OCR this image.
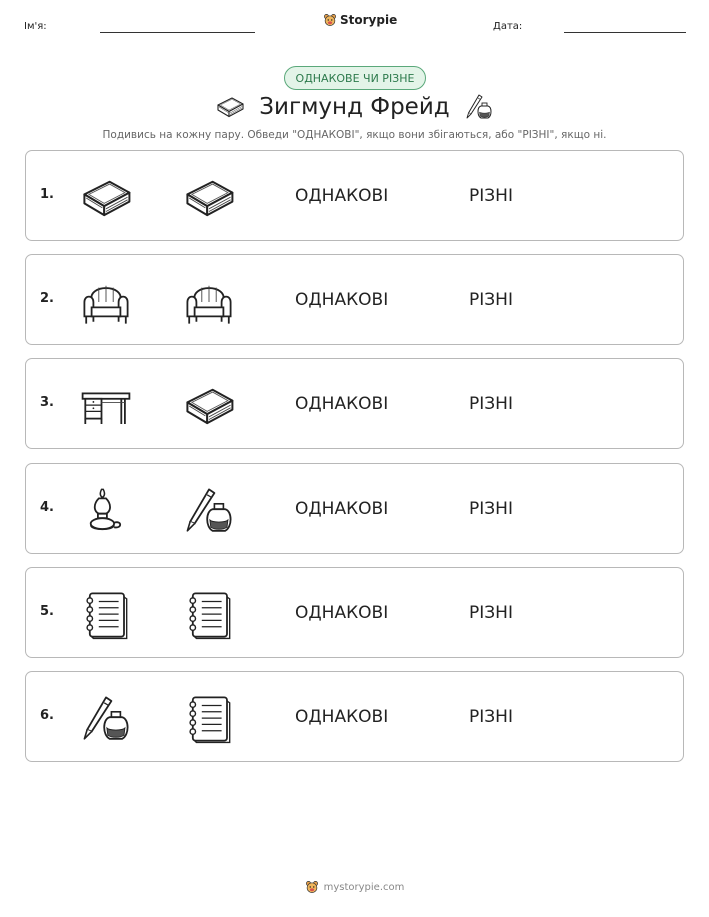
Ім'я:	Storypie	Дата:
ОДНАКОВЕ ЧИ РІЗНЕ
Зигмунд Фрейд
Подивись на кожну пару. Обведи "ОДНАКОВІ", якщо вони збігаються, або "РІЗНІ", якщо ні.
1.	ОДНАКОВІ	РІЗНІ
2.	ОДНАКОВІ	РІЗНІ
3.	ОДНАКОВІ	РІЗНІ
4.	ОДНАКОВІ	РІЗНІ
5.	ОДНАКОВІ	РІЗНІ
6.	ОДНАКОВІ	РІЗНІ
mystorypie.com
